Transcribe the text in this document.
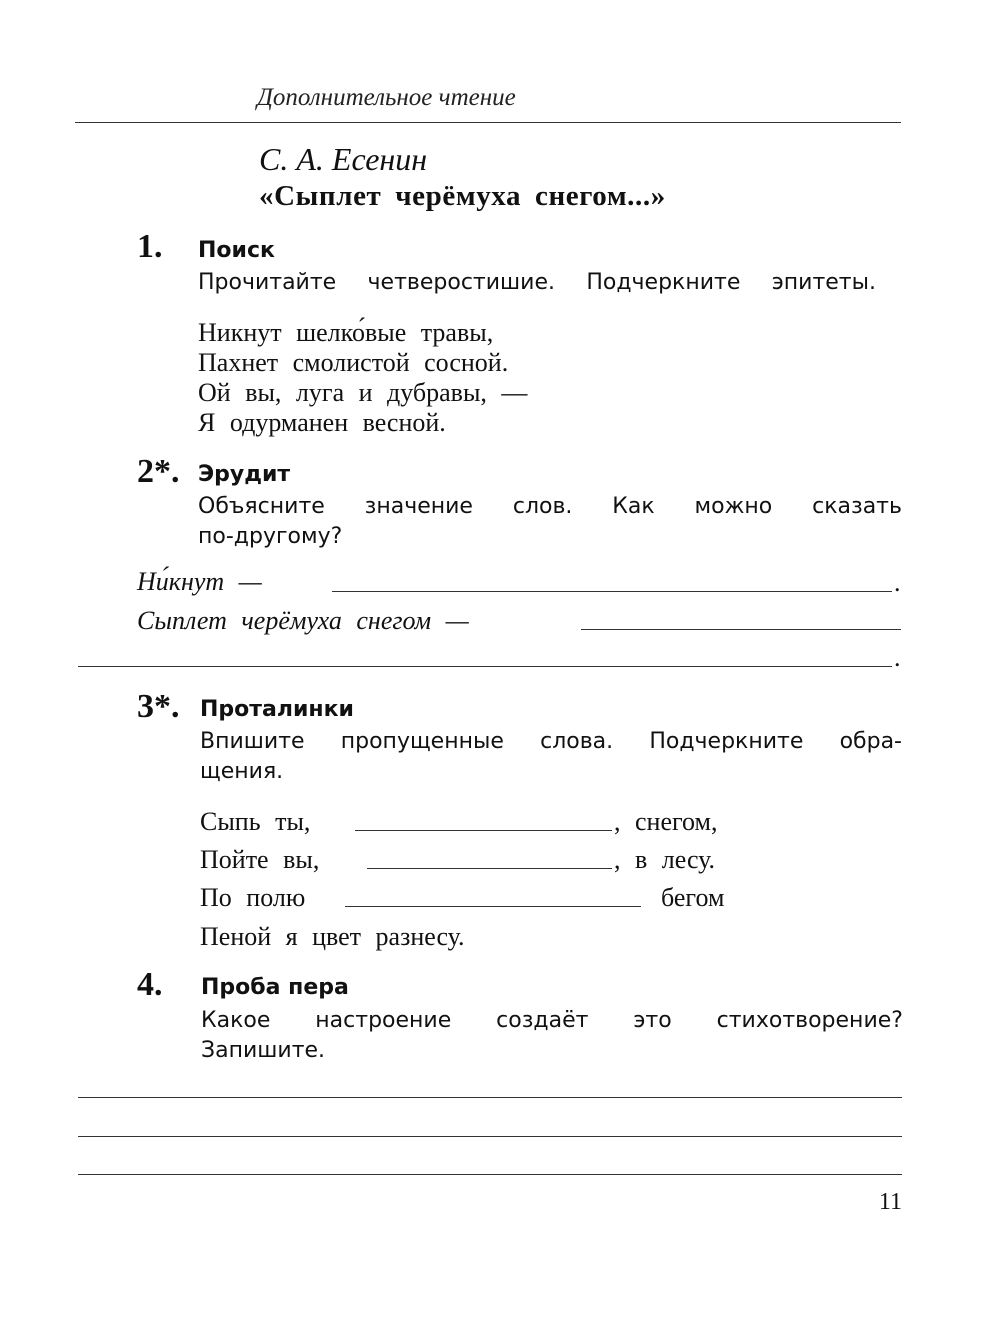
Дополнительное чтение
С. А. Есенин
«Сыплет черёмуха снегом...»
1. Поиск
Прочитайте четверостишие. Подчеркните эпитеты.
Никнут шелко́вые травы,
Пахнет смолистой сосной.
Ой вы, луга и дубравы, —
Я одурманен весной.
2*. Эрудит
Объясните значение слов. Как можно сказать
по-другому?
Ни́кнут —	.
Сыплет черёмуха снегом —
.
3*. Проталинки
Впишите пропущенные слова. Подчеркните обра-
щения.
Сыпь ты,	, снегом,
Пойте вы,	, в лесу.
По полю	бегом
Пеной я цвет разнесу.
4. Проба пера
Какое настроение создаёт это стихотворение?
Запишите.
11
